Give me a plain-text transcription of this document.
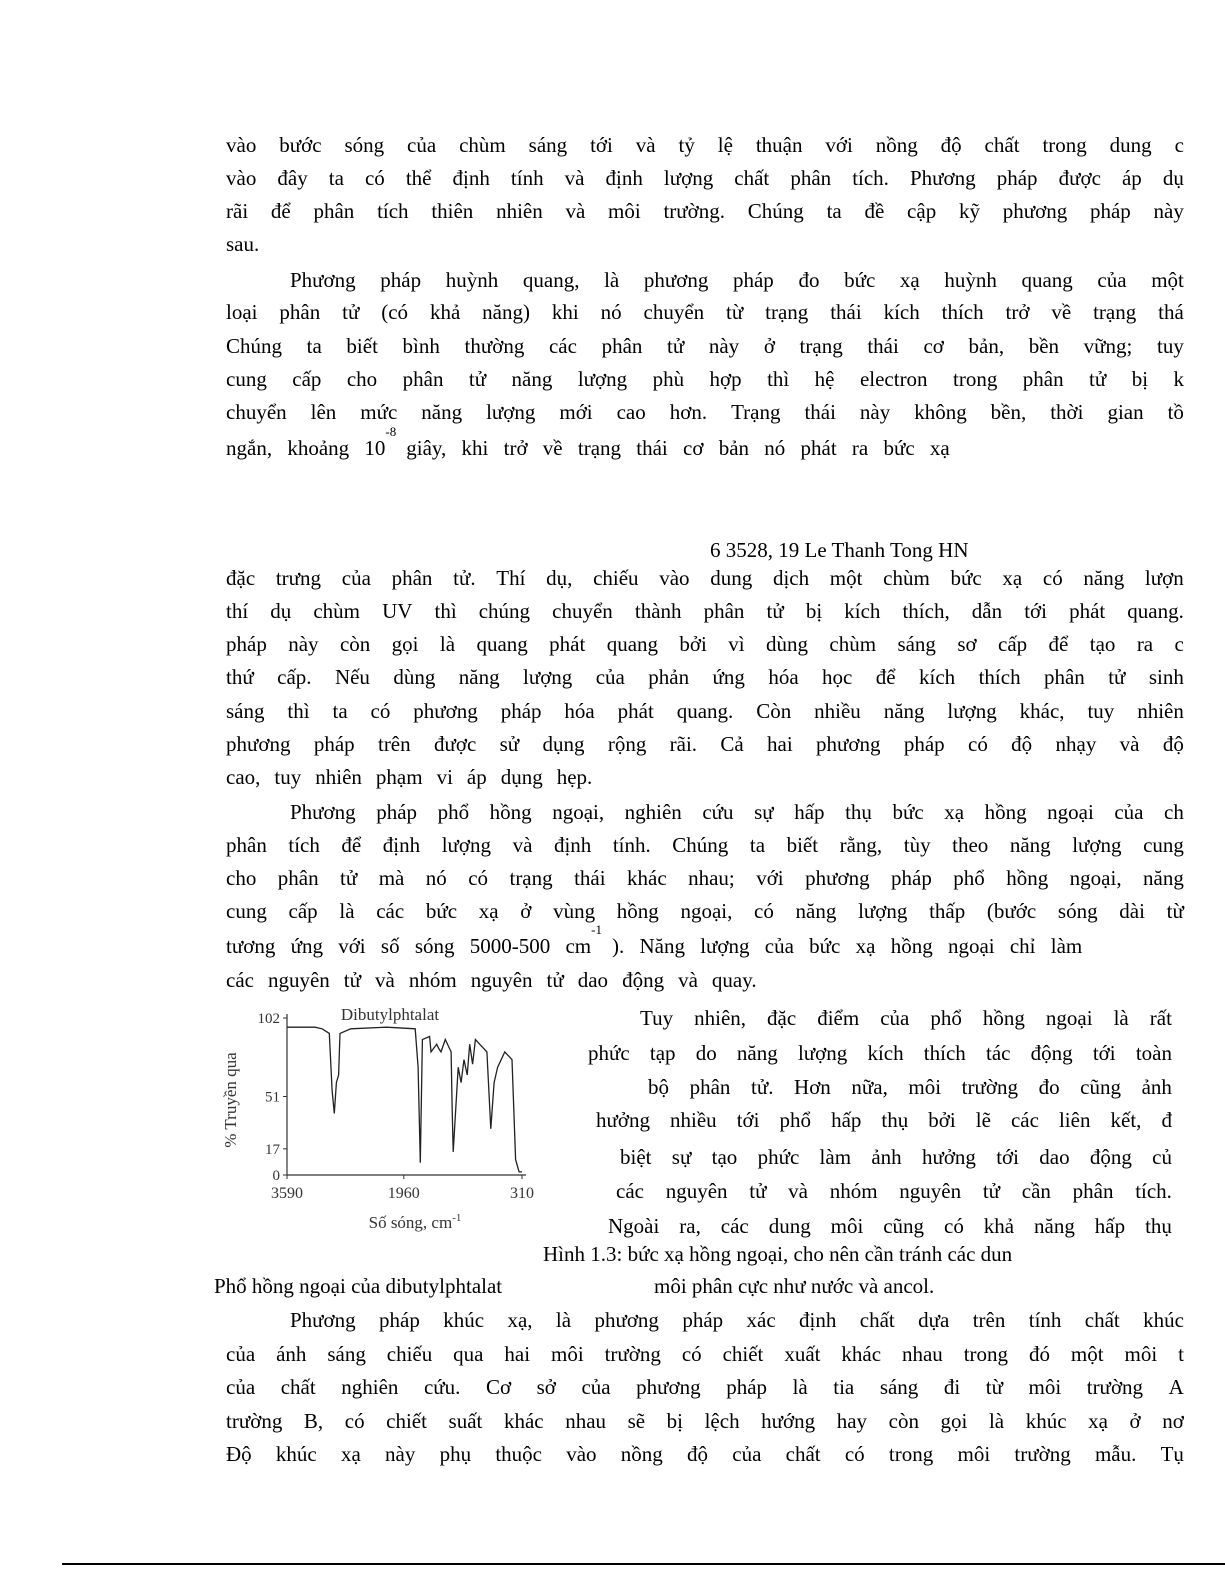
vào bước sóng của chùm sáng tới và tỷ lệ thuận với nồng độ chất trong dung c
vào đây ta có thể định tính và định lượng chất phân tích. Phương pháp được áp dụ
rãi để phân tích thiên nhiên và môi trường. Chúng ta đề cập kỹ phương pháp này
sau.
Phương pháp huỳnh quang, là phương pháp đo bức xạ huỳnh quang của một
loại phân tử (có khả năng) khi nó chuyển từ trạng thái kích thích trở về trạng thá
Chúng ta biết bình thường các phân tử này ở trạng thái cơ bản, bền vững; tuy
cung cấp cho phân tử năng lượng phù hợp thì hệ electron trong phân tử bị k
chuyển lên mức năng lượng mới cao hơn. Trạng thái này không bền, thời gian tồ
ngắn, khoảng 10
$^{-8}$
giây, khi trở về trạng thái cơ bản nó phát ra bức xạ
6 3528, 19 Le Thanh Tong HN
đặc trưng của phân tử. Thí dụ, chiếu vào dung dịch một chùm bức xạ có năng lượn
thí dụ chùm UV thì chúng chuyển thành phân tử bị kích thích, dẫn tới phát quang.
pháp này còn gọi là quang phát quang bởi vì dùng chùm sáng sơ cấp để tạo ra c
thứ cấp. Nếu dùng năng lượng của phản ứng hóa học để kích thích phân tử sinh
sáng thì ta có phương pháp hóa phát quang. Còn nhiều năng lượng khác, tuy nhiên
phương pháp trên được sử dụng rộng rãi. Cả hai phương pháp có độ nhạy và độ
cao, tuy nhiên phạm vi áp dụng hẹp.
Phương pháp phổ hồng ngoại, nghiên cứu sự hấp thụ bức xạ hồng ngoại của ch
phân tích để định lượng và định tính. Chúng ta biết rằng, tùy theo năng lượng cung
cho phân tử mà nó có trạng thái khác nhau; với phương pháp phổ hồng ngoại, năng
cung cấp là các bức xạ ở vùng hồng ngoại, có năng lượng thấp (bước sóng dài từ
tương ứng với số sóng 5000-500 cm
$^{-1}$
). Năng lượng của bức xạ hồng ngoại chỉ làm
các nguyên tử và nhóm nguyên tử dao động và quay.
102
51
17
0
3590	1960	310
Dibutylphtalat
% Truyền qua
Số sóng, $cm^{-1}$
Tuy nhiên, đặc điểm của phổ hồng ngoại là rất
phức tạp do năng lượng kích thích tác động tới toàn
bộ phân tử. Hơn nữa, môi trường đo cũng ảnh
hưởng nhiều tới phổ hấp thụ bởi lẽ các liên kết, đ
biệt sự tạo phức làm ảnh hưởng tới dao động củ
các nguyên tử và nhóm nguyên tử cần phân tích.
Ngoài ra, các dung môi cũng có khả năng hấp thụ
Hình 1.3: bức xạ hồng ngoại, cho nên cần tránh các dun
Phổ hồng ngoại của dibutylphtalat	môi phân cực như nước và ancol.
Phương pháp khúc xạ, là phương pháp xác định chất dựa trên tính chất khúc
của ánh sáng chiếu qua hai môi trường có chiết xuất khác nhau trong đó một môi t
của chất nghiên cứu. Cơ sở của phương pháp là tia sáng đi từ môi trường A
trường B, có chiết suất khác nhau sẽ bị lệch hướng hay còn gọi là khúc xạ ở nơ
Độ khúc xạ này phụ thuộc vào nồng độ của chất có trong môi trường mẫu. Tụ
